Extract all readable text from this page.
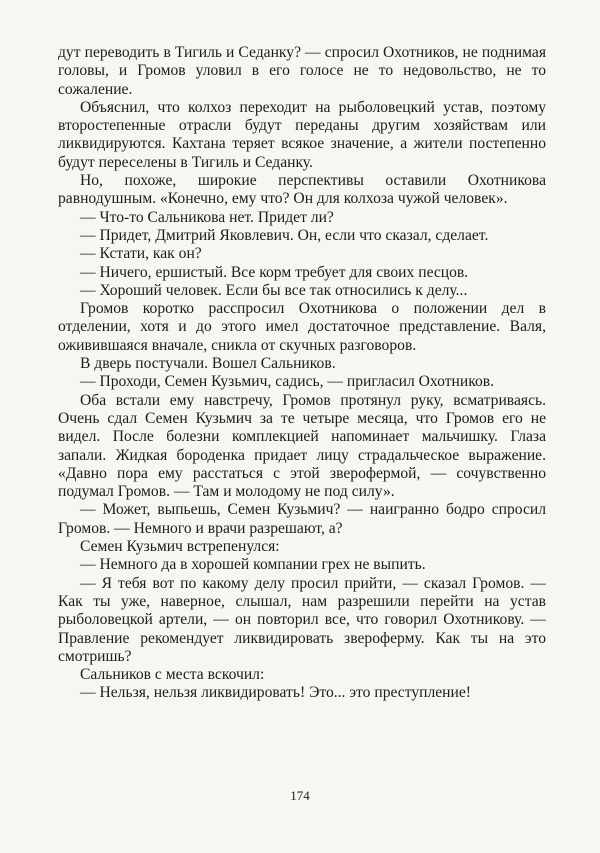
дут переводить в Тигиль и Седанку? — спросил Охотников, не поднимая головы, и Громов уловил в его голосе не то недовольство, не то сожаление.

Объяснил, что колхоз переходит на рыболовецкий устав, поэтому второстепенные отрасли будут переданы другим хозяйствам или ликвидируются. Кахтана теряет всякое значение, а жители постепенно будут переселены в Тигиль и Седанку.

Но, похоже, широкие перспективы оставили Охотникова равнодушным. «Конечно, ему что? Он для колхоза чужой человек».

— Что-то Сальникова нет. Придет ли?

— Придет, Дмитрий Яковлевич. Он, если что сказал, сделает.

— Кстати, как он?

— Ничего, ершистый. Все корм требует для своих песцов.

— Хороший человек. Если бы все так относились к делу...

Громов коротко расспросил Охотникова о положении дел в отделении, хотя и до этого имел достаточное представление. Валя, оживившаяся вначале, сникла от скучных разговоров.

В дверь постучали. Вошел Сальников.

— Проходи, Семен Кузьмич, садись, — пригласил Охотников.

Оба встали ему навстречу, Громов протянул руку, всматриваясь. Очень сдал Семен Кузьмич за те четыре месяца, что Громов его не видел. После болезни комплекцией напоминает мальчишку. Глаза запали. Жидкая бороденка придает лицу страдальческое выражение. «Давно пора ему расстаться с этой зверофермой, — сочувственно подумал Громов. — Там и молодому не под силу».

— Может, выпьешь, Семен Кузьмич? — наигранно бодро спросил Громов. — Немного и врачи разрешают, а?

Семен Кузьмич встрепенулся:

— Немного да в хорошей компании грех не выпить.

— Я тебя вот по какому делу просил прийти, — сказал Громов. — Как ты уже, наверное, слышал, нам разрешили перейти на устав рыболовецкой артели, — он повторил все, что говорил Охотникову. — Правление рекомендует ликвидировать звероферму. Как ты на это смотришь?

Сальников с места вскочил:

— Нельзя, нельзя ликвидировать! Это... это преступление!

174
